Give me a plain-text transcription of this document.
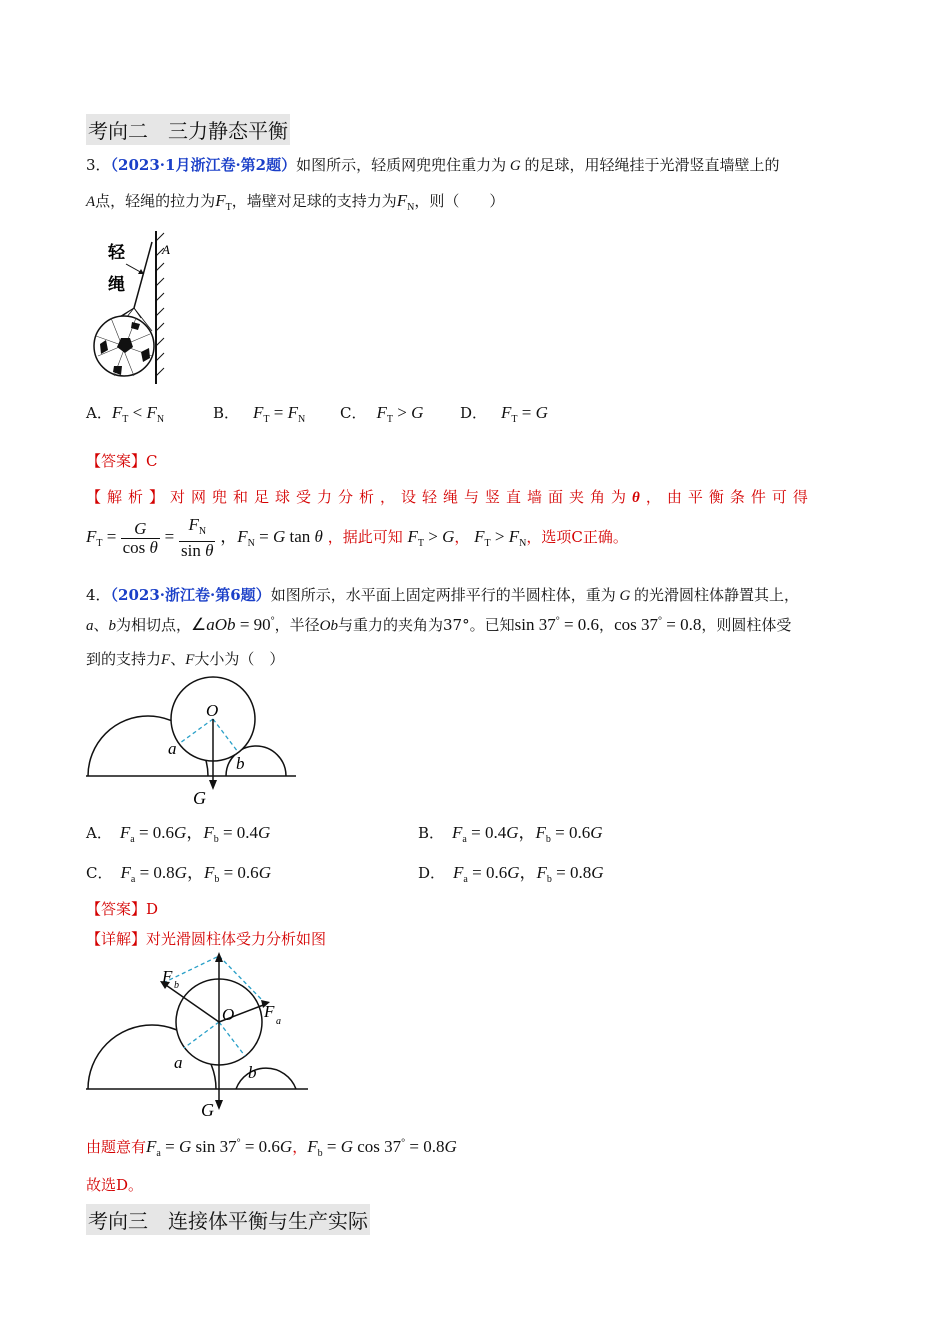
考向二　三力静态平衡
3．（2023·1月浙江卷·第2题）如图所示，轻质网兜兜住重力为 G 的足球，用轻绳挂于光滑竖直墙壁上的
A点，轻绳的拉力为$F_T$，墙壁对足球的支持力为$F_N$，则（　　）
轻
绳
A
A．$F_T < F_N$	B． $F_T = F_N$ C． $F_T > G$ D． $F_T = G$
【答案】C
【解析】对网兜和足球受力分析，设轻绳与竖直墙面夹角为θ，由平衡条件可得
$F_T = \frac{G}{\text{cos θ}} = \frac{F_N}{\text{sin θ}}$ ，$F_N = G$ tan θ ，据此可知 $F_T > G$， $F_T > F_N$，选项C正确。
4．（2023·浙江卷·第6题）如图所示，水平面上固定两排平行的半圆柱体，重为 G 的光滑圆柱体静置其上，
a、b为相切点，∠aOb = 90°，半径Ob与重力的夹角为37°。已知sin 37° = 0.6，cos 37° = 0.8，则圆柱体受
到的支持力F、F大小为（　）
O
a
b
G
A． $F_a = 0.6G$，$F_b = 0.4G$	B． $F_a = 0.4G$，$F_b = 0.6G$
C． $F_a = 0.8G$，$F_b = 0.6G$	D． $F_a = 0.6G$，$F_b = 0.8G$
【答案】D
【详解】对光滑圆柱体受力分析如图
F b
O F
a
a
b
G
由题意有$F_a = G$ sin 37° = 0.6G，$F_b = G$ cos 37° = 0.8G
故选D。
考向三　连接体平衡与生产实际
